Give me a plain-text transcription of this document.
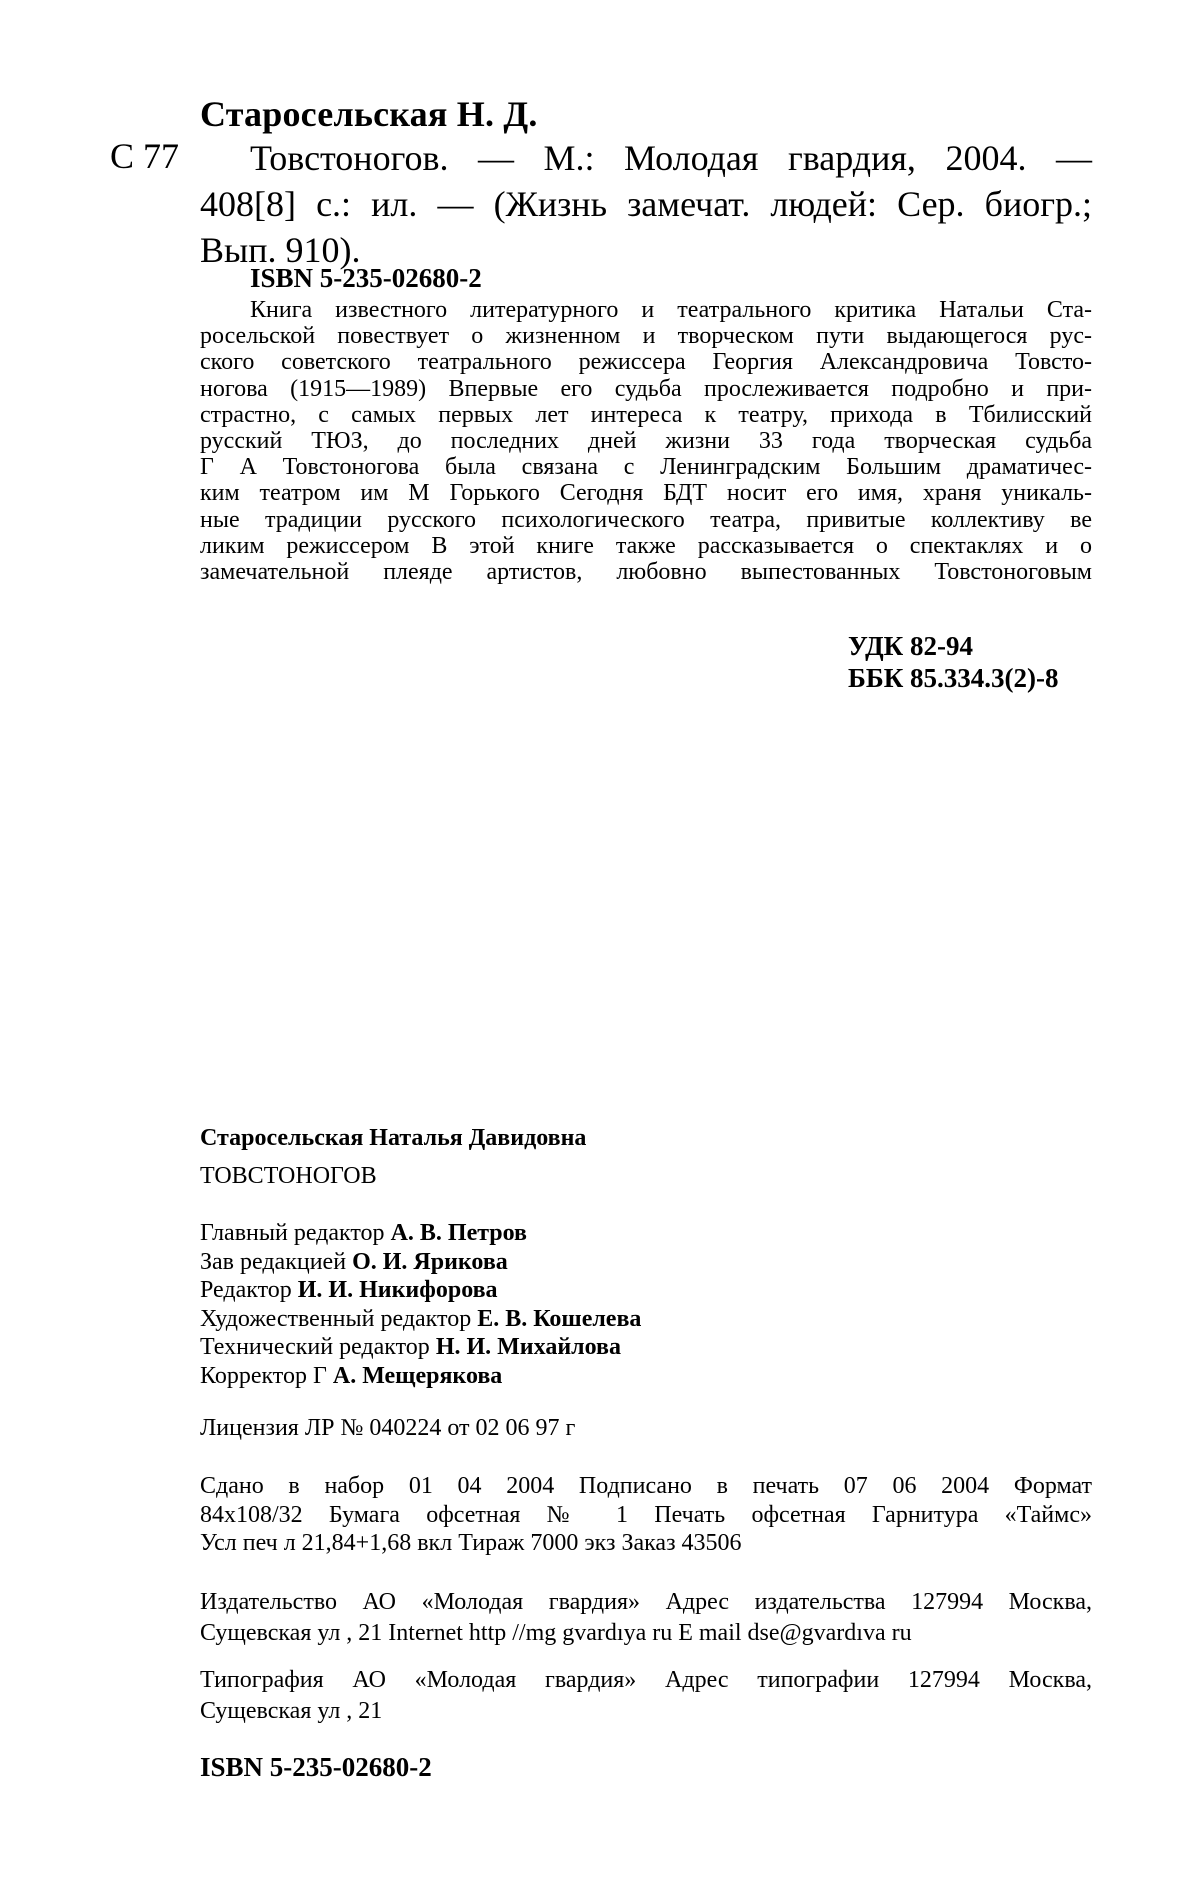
Старосельская Н. Д.
С 77	Товстоногов. — М.: Молодая гвардия, 2004. —
408[8] с.: ил. — (Жизнь замечат. людей: Сер. биогр.;
Вып. 910).
ISBN 5-235-02680-2
Книга известного литературного и театрального критика Натальи Ста-
росельской повествует о жизненном и творческом пути выдающегося рус-
ского советского театрального режиссера Георгия Александровича Товсто-
ногова (1915—1989) Впервые его судьба прослеживается подробно и при-
страстно, с самых первых лет интереса к театру, прихода в Тбилисский
русский ТЮЗ, до последних дней жизни 33 года творческая судьба
Г А Товстоногова была связана с Ленинградским Большим драматичес-
ким театром им М Горького Сегодня БДТ носит его имя, храня уникаль-
ные традиции русского психологического театра, привитые коллективу ве
ликим режиссером В этой книге также рассказывается о спектаклях и о
замечательной плеяде артистов, любовно выпестованных Товстоноговым
УДК 82-94
ББК 85.334.3(2)-8
Старосельская Наталья Давидовна
ТОВСТОНОГОВ
Главный редактор А. В. Петров
Зав редакцией О. И. Ярикова
Редактор И. И. Никифорова
Художественный редактор Е. В. Кошелева
Технический редактор Н. И. Михайлова
Корректор Г А. Мещерякова
Лицензия ЛР № 040224 от 02 06 97 г
Сдано в набор 01 04 2004 Подписано в печать 07 06 2004 Формат
84x108/32 Бумага офсетная № 1 Печать офсетная Гарнитура «Таймс»
Усл печ л 21,84+1,68 вкл Тираж 7000 экз Заказ 43506
Издательство АО «Молодая гвардия» Адрес издательства 127994 Москва,
Сущевская ул , 21 Internet http //mg gvardıya ru E mail dse@gvardıva ru
Типография АО «Молодая гвардия» Адрес типографии 127994 Москва,
Сущевская ул , 21
ISBN 5-235-02680-2
